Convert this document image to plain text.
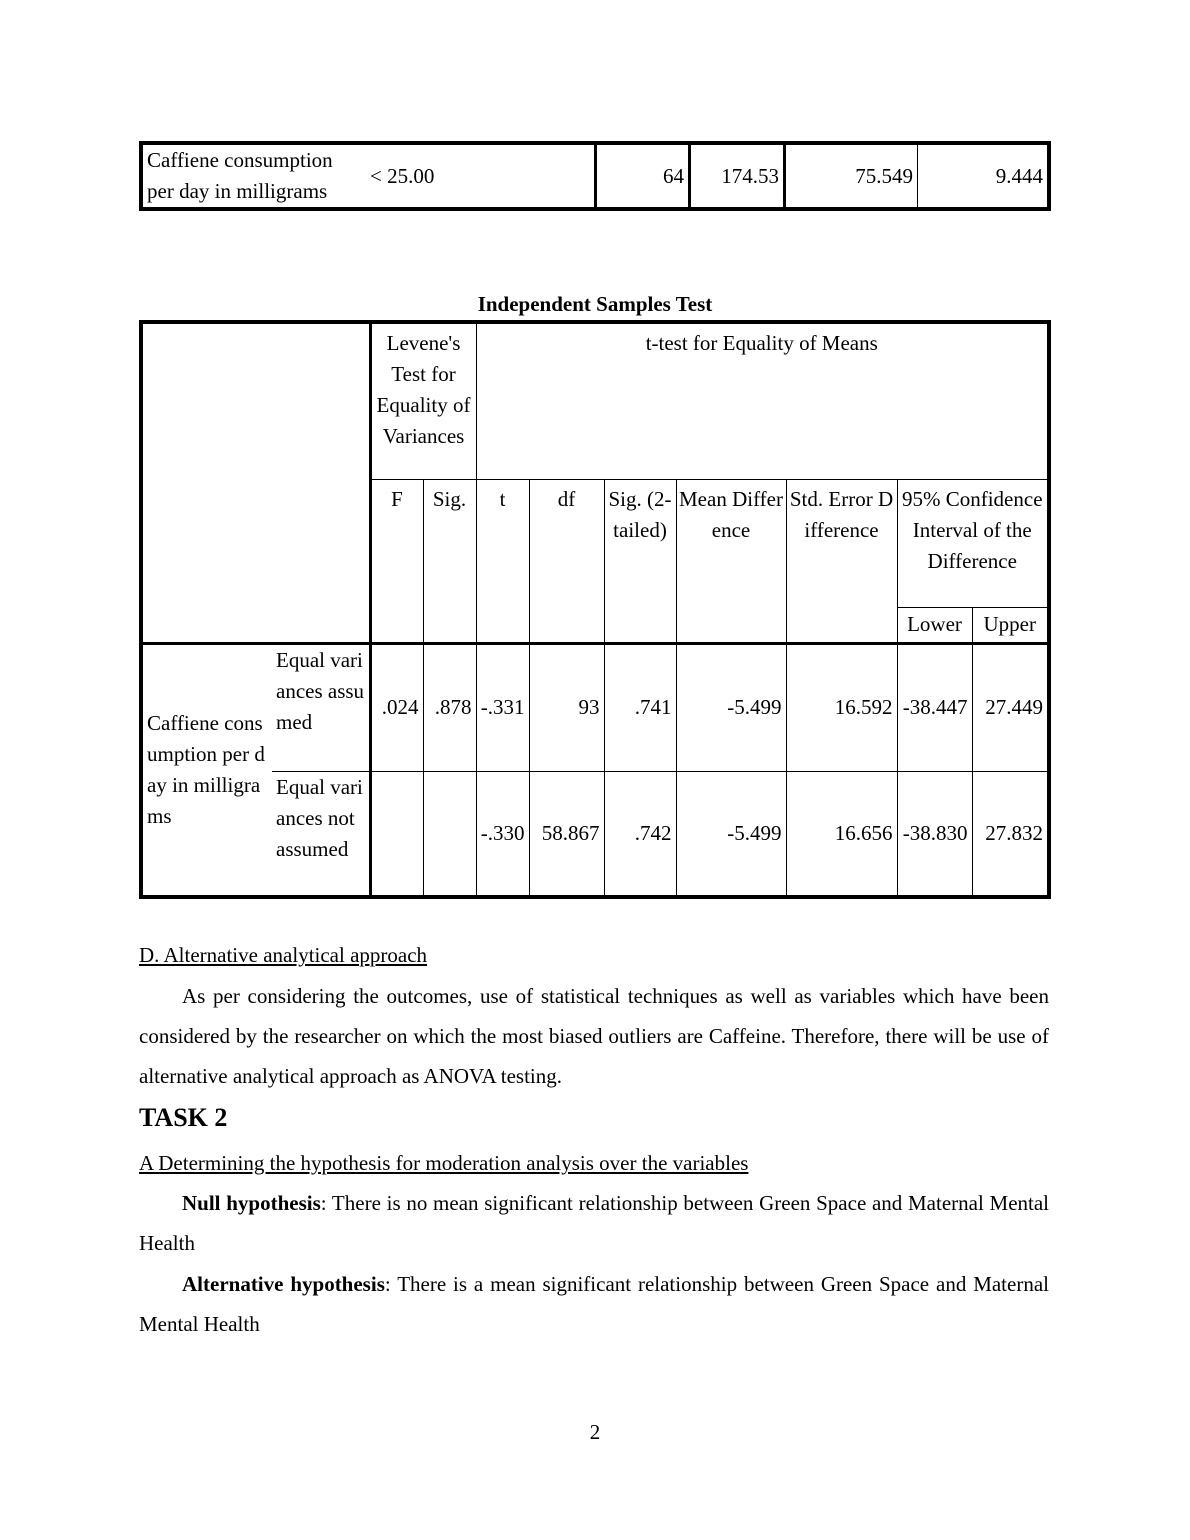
Caffiene consumption per day in milligrams	< 25.00	64	174.53	75.549	9.444
Independent Samples Test
		Levene's Test for Equality of Variances		t-test for Equality of Means						
		F	Sig.	t	df	Sig. (2-tailed)	Mean Difference	Std. Error Difference	95% Confidence Interval of the Difference	
									Lower	Upper
Caffiene consumption per day in milligrams	Equal variances assumed	.024	.878	-.331	93	.741	-5.499	16.592	-38.447	27.449
	Equal variances not assumed			-.330	58.867	.742	-5.499	16.656	-38.830	27.832
D. Alternative analytical approach
As per considering the outcomes, use of statistical techniques as well as variables which have been considered by the researcher on which the most biased outliers are Caffeine. Therefore, there will be use of alternative analytical approach as ANOVA testing.
TASK 2
A Determining the hypothesis for moderation analysis over the variables
Null hypothesis: There is no mean significant relationship between Green Space and Maternal Mental Health
Alternative hypothesis: There is a mean significant relationship between Green Space and Maternal Mental Health
2
